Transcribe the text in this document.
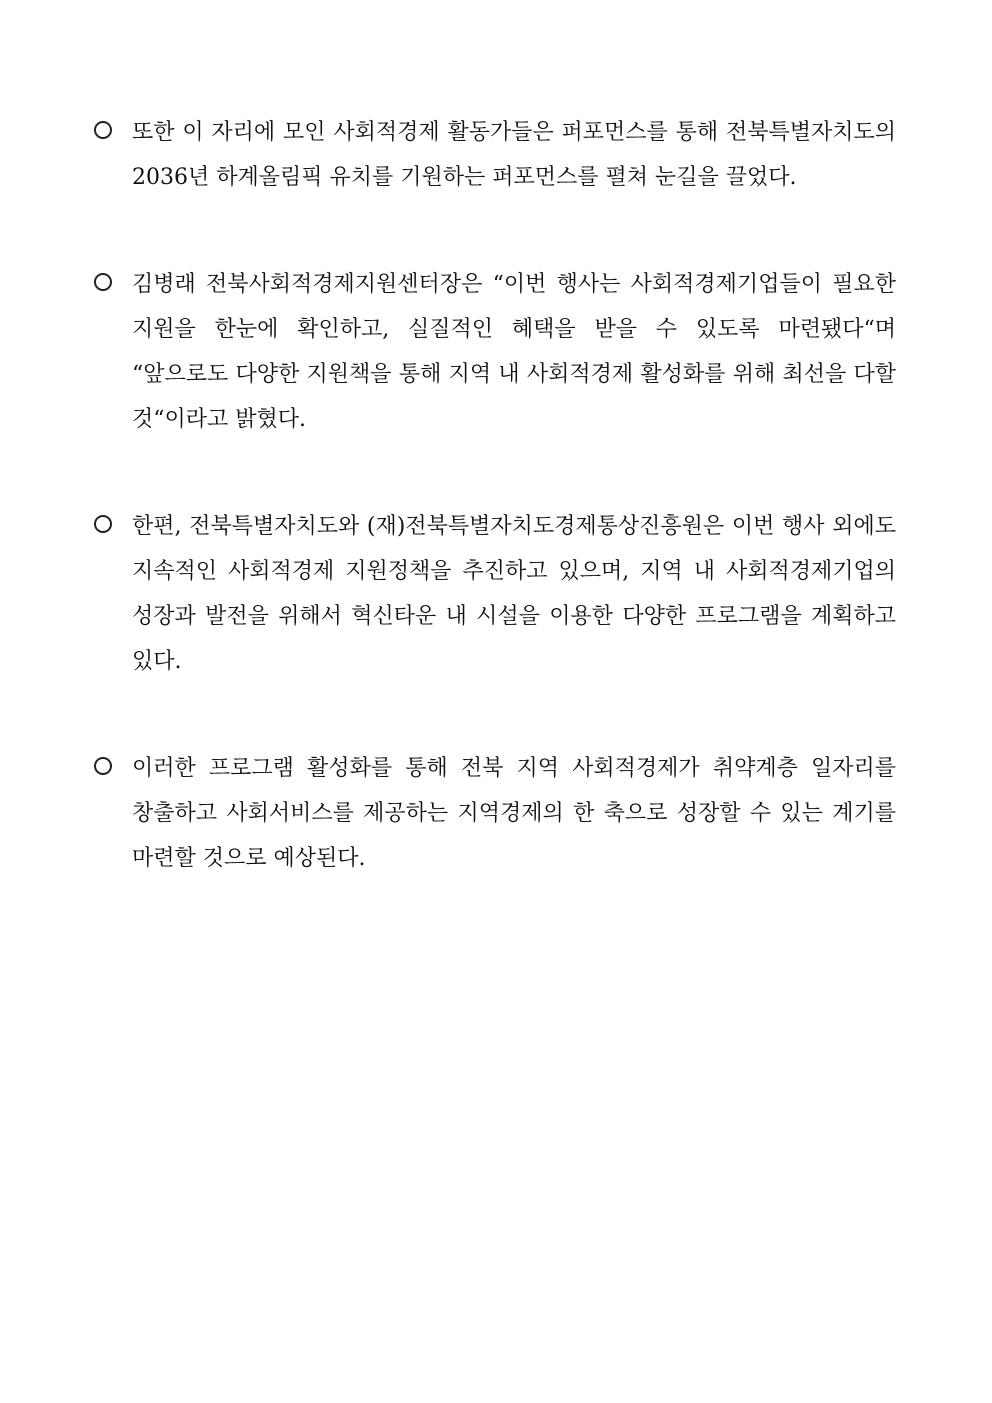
또한 이 자리에 모인 사회적경제 활동가들은 퍼포먼스를 통해 전북특별자치도의 2036년 하계올림픽 유치를 기원하는 퍼포먼스를 펼쳐 눈길을 끌었다.

김병래 전북사회적경제지원센터장은 “이번 행사는 사회적경제기업들이 필요한 지원을 한눈에 확인하고, 실질적인 혜택을 받을 수 있도록 마련됐다“며 “앞으로도 다양한 지원책을 통해 지역 내 사회적경제 활성화를 위해 최선을 다할 것“이라고 밝혔다.

한편, 전북특별자치도와 (재)전북특별자치도경제통상진흥원은 이번 행사 외에도 지속적인 사회적경제 지원정책을 추진하고 있으며, 지역 내 사회적경제기업의 성장과 발전을 위해서 혁신타운 내 시설을 이용한 다양한 프로그램을 계획하고 있다.

이러한 프로그램 활성화를 통해 전북 지역 사회적경제가 취약계층 일자리를 창출하고 사회서비스를 제공하는 지역경제의 한 축으로 성장할 수 있는 계기를 마련할 것으로 예상된다.
